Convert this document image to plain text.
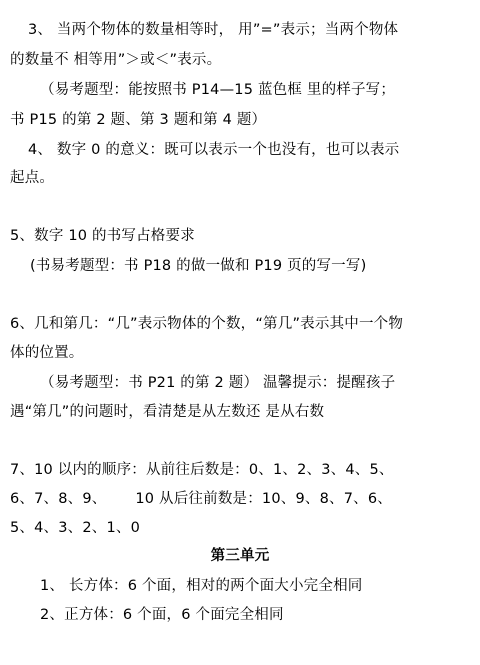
3、 当两个物体的数量相等时， 用”=”表示；当两个物体
的数量不 相等用”＞或＜”表示。
（易考题型：能按照书 P14—15 蓝色框 里的样子写；
书 P15 的第 2 题、第 3 题和第 4 题）
4、 数字 0 的意义：既可以表示一个也没有，也可以表示
起点。
5、数字 10 的书写占格要求
(书易考题型：书 P18 的做一做和 P19 页的写一写)
6、几和第几：“几”表示物体的个数，“第几”表示其中一个物
体的位置。
（易考题型：书 P21 的第 2 题） 温馨提示：提醒孩子
遇“第几”的问题时，看清楚是从左数还 是从右数
7、10 以内的顺序：从前往后数是：0、1、2、3、4、5、
6、7、8、9、      10 从后往前数是：10、9、8、7、6、
5、4、3、2、1、0
第三单元
1、 长方体：6 个面，相对的两个面大小完全相同
2、正方体：6 个面，6 个面完全相同
